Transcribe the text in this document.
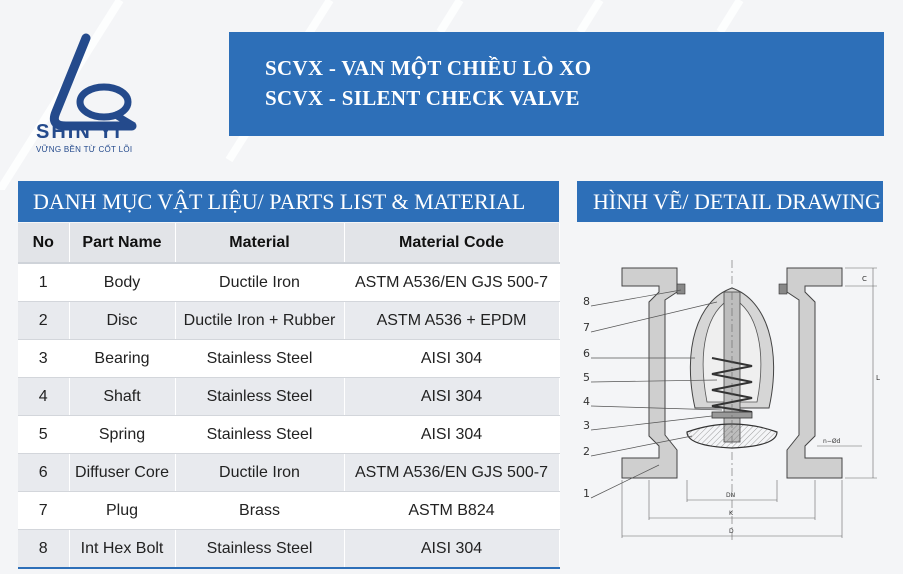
SHIN YI
VỮNG BỀN TỪ CỐT LÕI
SCVX - VAN MỘT CHIỀU LÒ XO
SCVX - SILENT CHECK VALVE
DANH MỤC VẬT LIỆU/ PARTS LIST & MATERIAL	HÌNH VẼ/ DETAIL DRAWING
No	Part Name	Material	Material Code
1	Body	Ductile Iron	ASTM A536/EN GJS 500-7
2	Disc	Ductile Iron + Rubber	ASTM A536 + EPDM
3	Bearing	Stainless Steel	AISI 304
4	Shaft	Stainless Steel	AISI 304
5	Spring	Stainless Steel	AISI 304
6	Diffuser Core	Ductile Iron	ASTM A536/EN GJS 500-7
7	Plug	Brass	ASTM B824
8	Int Hex Bolt	Stainless Steel	AISI 304
8
7
6
5
4
3
2
1
C
L
n−Ød
DN
K
D
